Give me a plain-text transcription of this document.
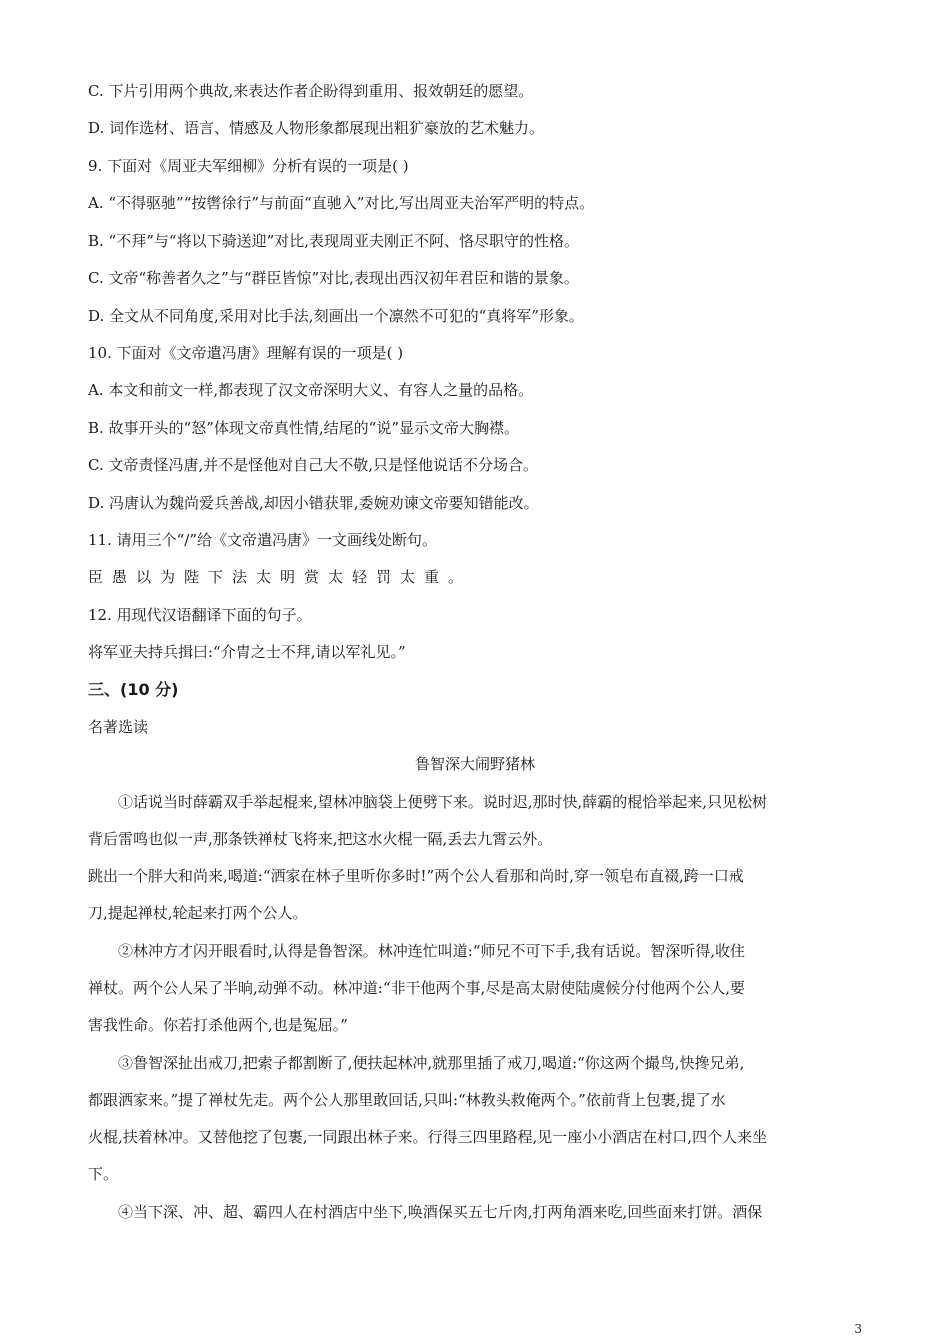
C. 下片引用两个典故,来表达作者企盼得到重用、报效朝廷的愿望。
D. 词作选材、语言、情感及人物形象都展现出粗犷豪放的艺术魅力。
9. 下面对《周亚夫军细柳》分析有误的一项是( )
A. “不得驱驰”“按辔徐行”与前面“直驰入”对比,写出周亚夫治军严明的特点。
B. “不拜”与“将以下骑送迎”对比,表现周亚夫刚正不阿、恪尽职守的性格。
C. 文帝“称善者久之”与“群臣皆惊”对比,表现出西汉初年君臣和谐的景象。
D. 全文从不同角度,采用对比手法,刻画出一个凛然不可犯的“真将军”形象。
10. 下面对《文帝遣冯唐》理解有误的一项是( )
A. 本文和前文一样,都表现了汉文帝深明大义、有容人之量的品格。
B. 故事开头的“怒”体现文帝真性情,结尾的“说”显示文帝大胸襟。
C. 文帝责怪冯唐,并不是怪他对自己大不敬,只是怪他说话不分场合。
D. 冯唐认为魏尚爱兵善战,却因小错获罪,委婉劝谏文帝要知错能改。
11. 请用三个“/”给《文帝遣冯唐》一文画线处断句。
臣愚以为陛下法太明赏太轻罚太重。
12. 用现代汉语翻译下面的句子。
将军亚夫持兵揖曰:“介胄之士不拜,请以军礼见。”
三、(10 分)
名著选读
鲁智深大闹野猪林
①话说当时薛霸双手举起棍来,望林冲脑袋上便劈下来。说时迟,那时快,薛霸的棍恰举起来,只见松树
背后雷鸣也似一声,那条铁禅杖飞将来,把这水火棍一隔,丢去九霄云外。
跳出一个胖大和尚来,喝道:“洒家在林子里听你多时!”两个公人看那和尚时,穿一领皂布直裰,跨一口戒
刀,提起禅杖,轮起来打两个公人。
②林冲方才闪开眼看时,认得是鲁智深。林冲连忙叫道:“师兄不可下手,我有话说。智深听得,收住
禅杖。两个公人呆了半晌,动弹不动。林冲道:“非干他两个事,尽是高太尉使陆虞候分付他两个公人,要
害我性命。你若打杀他两个,也是冤屈。”
③鲁智深扯出戒刀,把索子都割断了,便扶起林冲,就那里插了戒刀,喝道:“你这两个撮鸟,快搀兄弟,
都跟洒家来。”提了禅杖先走。两个公人那里敢回话,只叫:“林教头救俺两个。”依前背上包裹,提了水
火棍,扶着林冲。又替他挖了包裹,一同跟出林子来。行得三四里路程,见一座小小酒店在村口,四个人来坐
下。
④当下深、冲、超、霸四人在村酒店中坐下,唤酒保买五七斤肉,打两角酒来吃,回些面来打饼。酒保
3
